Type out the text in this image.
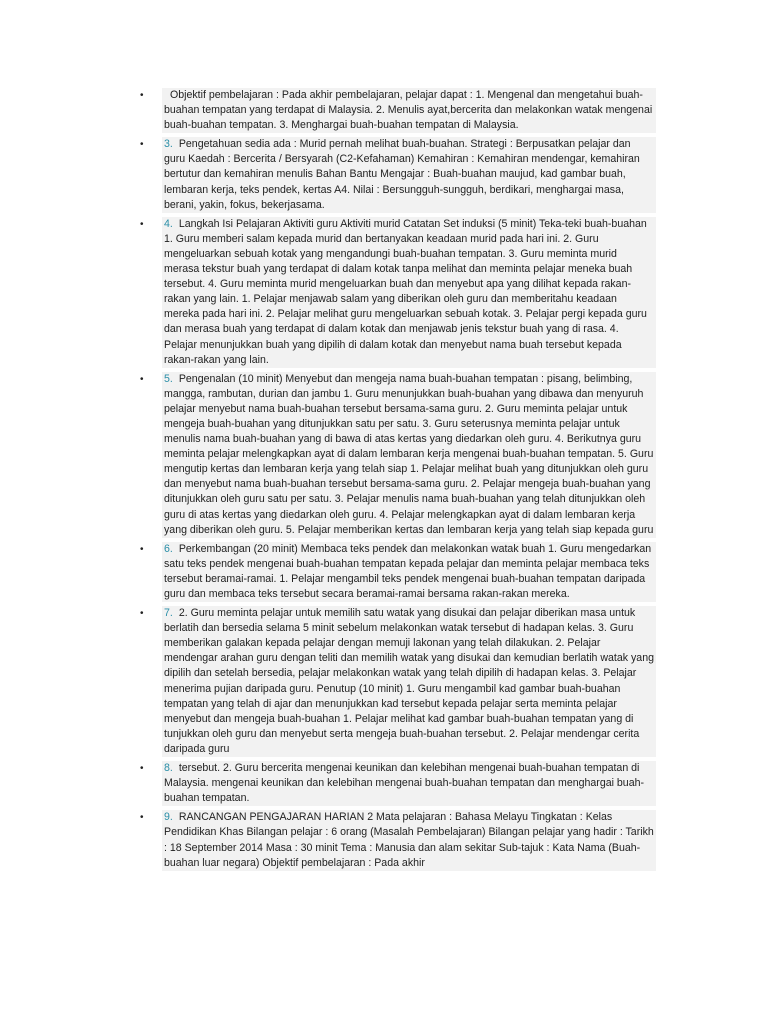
•	Objektif pembelajaran : Pada akhir pembelajaran, pelajar dapat : 1. Mengenal dan mengetahui buah-buahan tempatan yang terdapat di Malaysia. 2. Menulis ayat,bercerita dan melakonkan watak mengenai buah-buahan tempatan. 3. Menghargai buah-buahan tempatan di Malaysia.
•	3. Pengetahuan sedia ada : Murid pernah melihat buah-buahan. Strategi : Berpusatkan pelajar dan guru Kaedah : Bercerita / Bersyarah (C2-Kefahaman) Kemahiran : Kemahiran mendengar, kemahiran bertutur dan kemahiran menulis Bahan Bantu Mengajar : Buah-buahan maujud, kad gambar buah, lembaran kerja, teks pendek, kertas A4. Nilai : Bersungguh-sungguh, berdikari, menghargai masa, berani, yakin, fokus, bekerjasama.
•	4. Langkah Isi Pelajaran Aktiviti guru Aktiviti murid Catatan Set induksi (5 minit) Teka-teki buah-buahan 1. Guru memberi salam kepada murid dan bertanyakan keadaan murid pada hari ini. 2. Guru mengeluarkan sebuah kotak yang mengandungi buah-buahan tempatan. 3. Guru meminta murid merasa tekstur buah yang terdapat di dalam kotak tanpa melihat dan meminta pelajar meneka buah tersebut. 4. Guru meminta murid mengeluarkan buah dan menyebut apa yang dilihat kepada rakan-rakan yang lain. 1. Pelajar menjawab salam yang diberikan oleh guru dan memberitahu keadaan mereka pada hari ini. 2. Pelajar melihat guru mengeluarkan sebuah kotak. 3. Pelajar pergi kepada guru dan merasa buah yang terdapat di dalam kotak dan menjawab jenis tekstur buah yang di rasa. 4. Pelajar menunjukkan buah yang dipilih di dalam kotak dan menyebut nama buah tersebut kepada rakan-rakan yang lain.
•	5. Pengenalan (10 minit) Menyebut dan mengeja nama buah-buahan tempatan : pisang, belimbing, mangga, rambutan, durian dan jambu 1. Guru menunjukkan buah-buahan yang dibawa dan menyuruh pelajar menyebut nama buah-buahan tersebut bersama-sama guru. 2. Guru meminta pelajar untuk mengeja buah-buahan yang ditunjukkan satu per satu. 3. Guru seterusnya meminta pelajar untuk menulis nama buah-buahan yang di bawa di atas kertas yang diedarkan oleh guru. 4. Berikutnya guru meminta pelajar melengkapkan ayat di dalam lembaran kerja mengenai buah-buahan tempatan. 5. Guru mengutip kertas dan lembaran kerja yang telah siap 1. Pelajar melihat buah yang ditunjukkan oleh guru dan menyebut nama buah-buahan tersebut bersama-sama guru. 2. Pelajar mengeja buah-buahan yang ditunjukkan oleh guru satu per satu. 3. Pelajar menulis nama buah-buahan yang telah ditunjukkan oleh guru di atas kertas yang diedarkan oleh guru. 4. Pelajar melengkapkan ayat di dalam lembaran kerja yang diberikan oleh guru. 5. Pelajar memberikan kertas dan lembaran kerja yang telah siap kepada guru
•	6. Perkembangan (20 minit) Membaca teks pendek dan melakonkan watak buah 1. Guru mengedarkan satu teks pendek mengenai buah-buahan tempatan kepada pelajar dan meminta pelajar membaca teks tersebut beramai-ramai. 1. Pelajar mengambil teks pendek mengenai buah-buahan tempatan daripada guru dan membaca teks tersebut secara beramai-ramai bersama rakan-rakan mereka.
•	7. 2. Guru meminta pelajar untuk memilih satu watak yang disukai dan pelajar diberikan masa untuk berlatih dan bersedia selama 5 minit sebelum melakonkan watak tersebut di hadapan kelas. 3. Guru memberikan galakan kepada pelajar dengan memuji lakonan yang telah dilakukan. 2. Pelajar mendengar arahan guru dengan teliti dan memilih watak yang disukai dan kemudian berlatih watak yang dipilih dan setelah bersedia, pelajar melakonkan watak yang telah dipilih di hadapan kelas. 3. Pelajar menerima pujian daripada guru. Penutup (10 minit) 1. Guru mengambil kad gambar buah-buahan tempatan yang telah di ajar dan menunjukkan kad tersebut kepada pelajar serta meminta pelajar menyebut dan mengeja buah-buahan 1. Pelajar melihat kad gambar buah-buahan tempatan yang di tunjukkan oleh guru dan menyebut serta mengeja buah-buahan tersebut. 2. Pelajar mendengar cerita daripada guru
•	8. tersebut. 2. Guru bercerita mengenai keunikan dan kelebihan mengenai buah-buahan tempatan di Malaysia. mengenai keunikan dan kelebihan mengenai buah-buahan tempatan dan menghargai buah-buahan tempatan.
•	9. RANCANGAN PENGAJARAN HARIAN 2 Mata pelajaran : Bahasa Melayu Tingkatan : Kelas Pendidikan Khas Bilangan pelajar : 6 orang (Masalah Pembelajaran) Bilangan pelajar yang hadir : Tarikh : 18 September 2014 Masa : 30 minit Tema : Manusia dan alam sekitar Sub-tajuk : Kata Nama (Buah-buahan luar negara) Objektif pembelajaran : Pada akhir
